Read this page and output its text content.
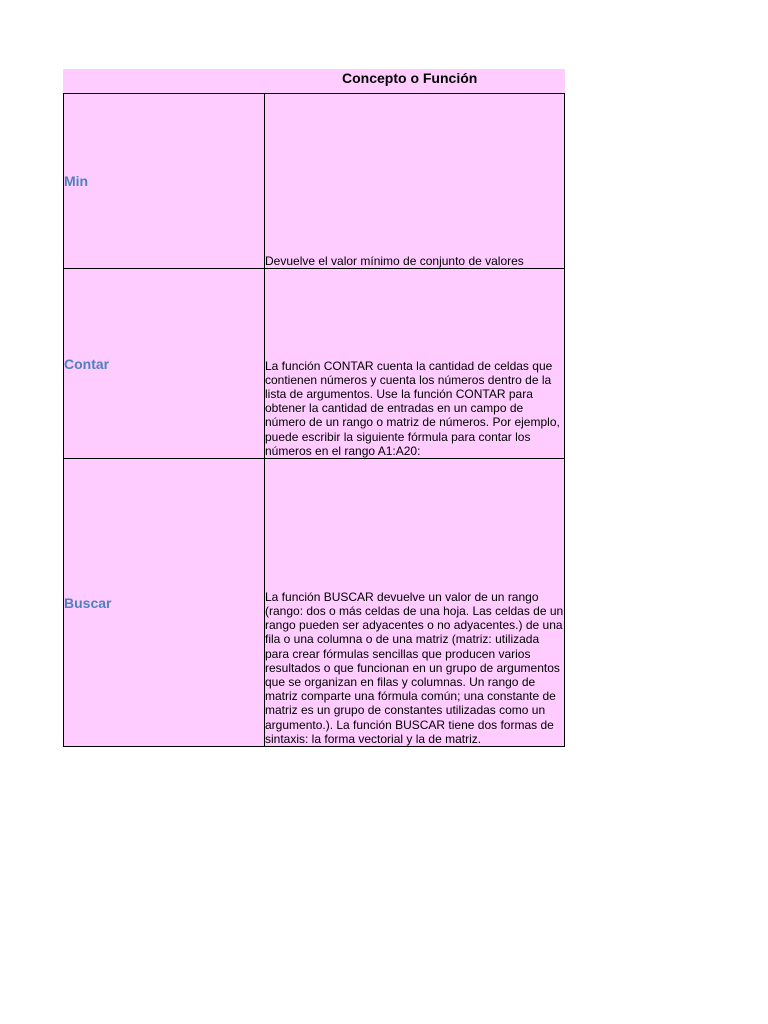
Concepto o Función
Min	Devuelve el valor mínimo de conjunto de valores
Contar	La función CONTAR cuenta la cantidad de celdas que contienen números y cuenta los números dentro de la lista de argumentos. Use la función CONTAR para obtener la cantidad de entradas en un campo de número de un rango o matriz de números. Por ejemplo, puede escribir la siguiente fórmula para contar los números en el rango A1:A20:
Buscar	La función BUSCAR devuelve un valor de un rango (rango: dos o más celdas de una hoja. Las celdas de un rango pueden ser adyacentes o no adyacentes.) de una fila o una columna o de una matriz (matriz: utilizada para crear fórmulas sencillas que producen varios resultados o que funcionan en un grupo de argumentos que se organizan en filas y columnas. Un rango de matriz comparte una fórmula común; una constante de matriz es un grupo de constantes utilizadas como un argumento.). La función BUSCAR tiene dos formas de sintaxis: la forma vectorial y la de matriz.
